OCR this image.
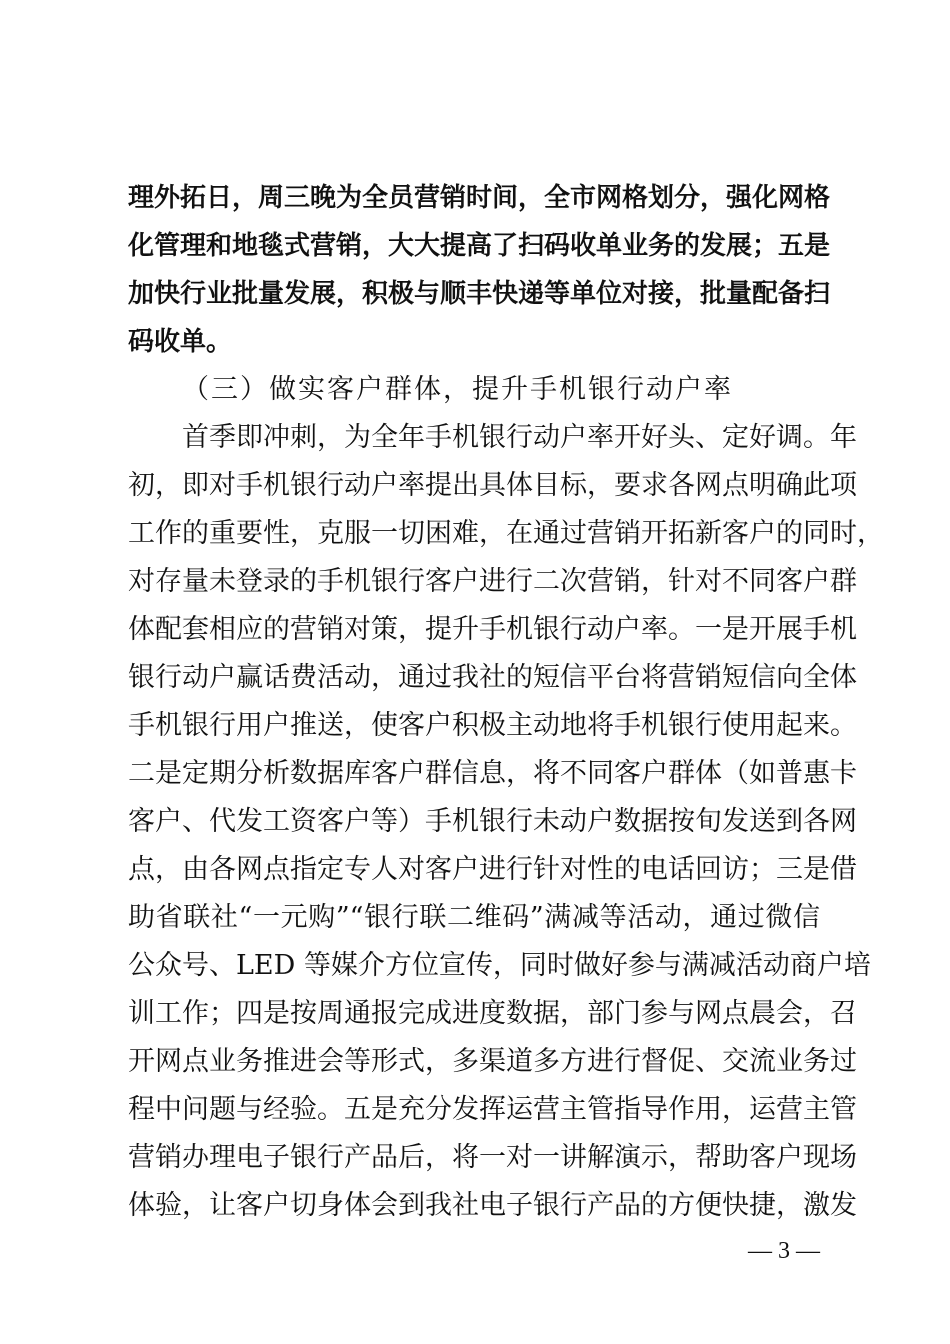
理外拓日，周三晚为全员营销时间，全市网格划分，强化网格
化管理和地毯式营销，大大提高了扫码收单业务的发展；五是
加快行业批量发展，积极与顺丰快递等单位对接，批量配备扫
码收单。
（三）做实客户群体，提升手机银行动户率
首季即冲刺，为全年手机银行动户率开好头、定好调。年
初，即对手机银行动户率提出具体目标，要求各网点明确此项
工作的重要性，克服一切困难，在通过营销开拓新客户的同时，
对存量未登录的手机银行客户进行二次营销，针对不同客户群
体配套相应的营销对策，提升手机银行动户率。一是开展手机
银行动户赢话费活动，通过我社的短信平台将营销短信向全体
手机银行用户推送，使客户积极主动地将手机银行使用起来。
二是定期分析数据库客户群信息，将不同客户群体（如普惠卡
客户、代发工资客户等）手机银行未动户数据按旬发送到各网
点，由各网点指定专人对客户进行针对性的电话回访；三是借
助省联社“一元购”“银行联二维码”满减等活动，通过微信
公众号、LED 等媒介方位宣传，同时做好参与满减活动商户培
训工作；四是按周通报完成进度数据，部门参与网点晨会，召
开网点业务推进会等形式，多渠道多方进行督促、交流业务过
程中问题与经验。五是充分发挥运营主管指导作用，运营主管
营销办理电子银行产品后，将一对一讲解演示，帮助客户现场
体验，让客户切身体会到我社电子银行产品的方便快捷，激发
— 3 —
